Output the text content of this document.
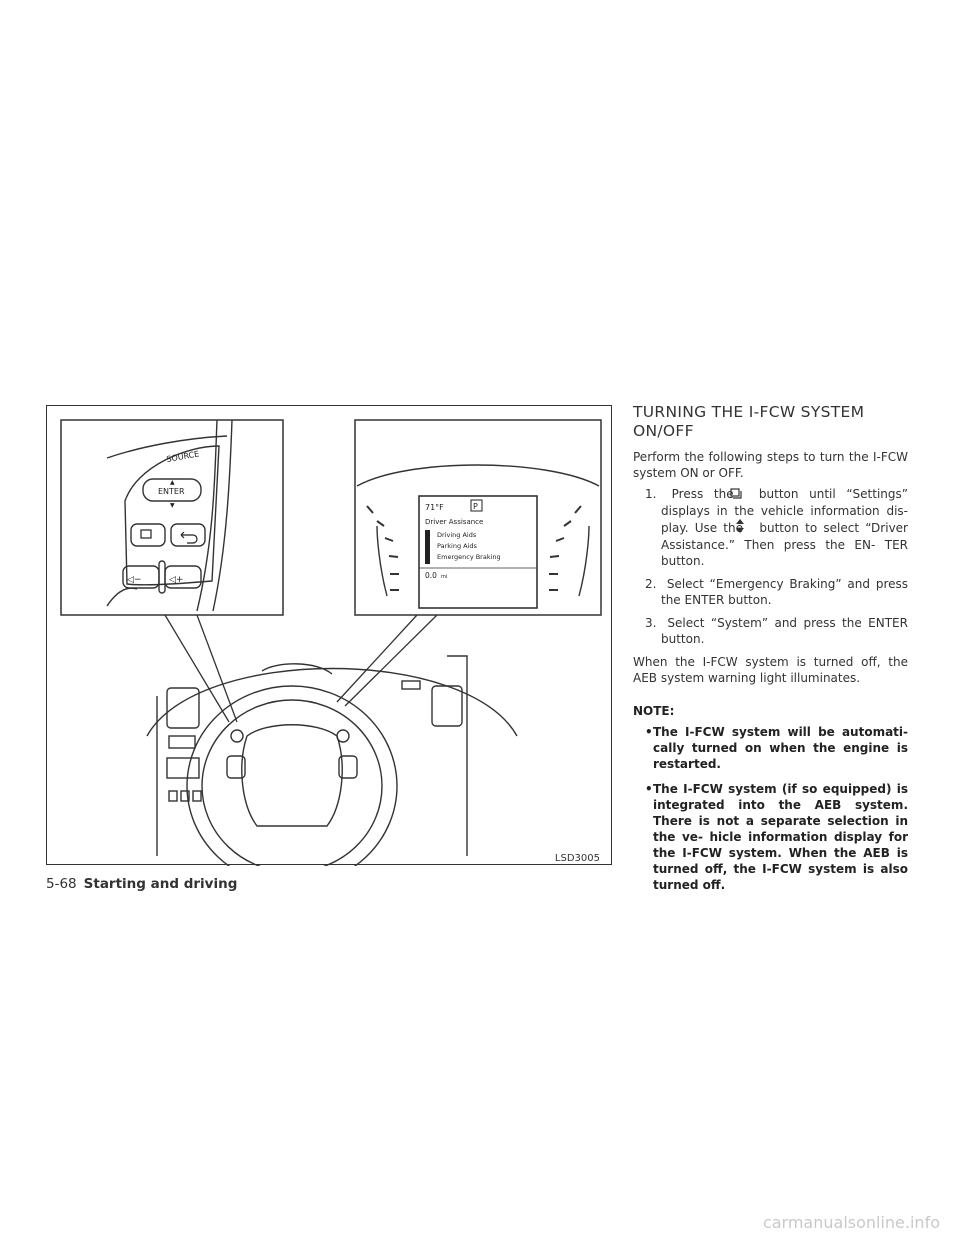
SOURCE
ENTER
▲
▼
◁−	◁+
71°F	P
Driver Assisance
Driving Aids
Parking Aids
Emergency Braking
0.0 mi
LSD3005
TURNING THE I-FCW SYSTEM ON/OFF

Perform the following steps to turn the I-FCW system ON or OFF.

1. Press the button until “Settings” displays in the vehicle information dis- play. Use the button to select “Driver Assistance.” Then press the EN- TER button.
2. Select “Emergency Braking” and press the ENTER button.
3. Select “System” and press the ENTER button.

When the I-FCW system is turned off, the AEB system warning light illuminates.

NOTE:
•The I-FCW system will be automati- cally turned on when the engine is restarted.
•The I-FCW system (if so equipped) is integrated into the AEB system. There is not a separate selection in the ve- hicle information display for the I-FCW system. When the AEB is turned off, the I-FCW system is also turned off.
5-68 Starting and driving
carmanualsonline.info
